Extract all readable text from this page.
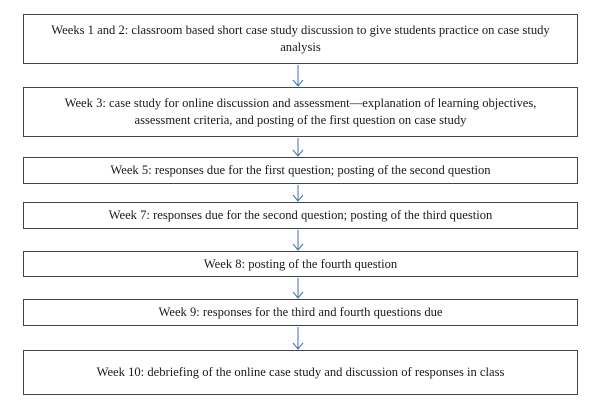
Weeks 1 and 2: classroom based short case study discussion to give students practice on case study analysis
Week 3: case study for online discussion and assessment—explanation of learning objectives, assessment criteria, and posting of the first question on case study
Week 5: responses due for the first question; posting of the second question
Week 7: responses due for the second question; posting of the third question
Week 8: posting of the fourth question
Week 9: responses for the third and fourth questions due
Week 10: debriefing of the online case study and discussion of responses in class
